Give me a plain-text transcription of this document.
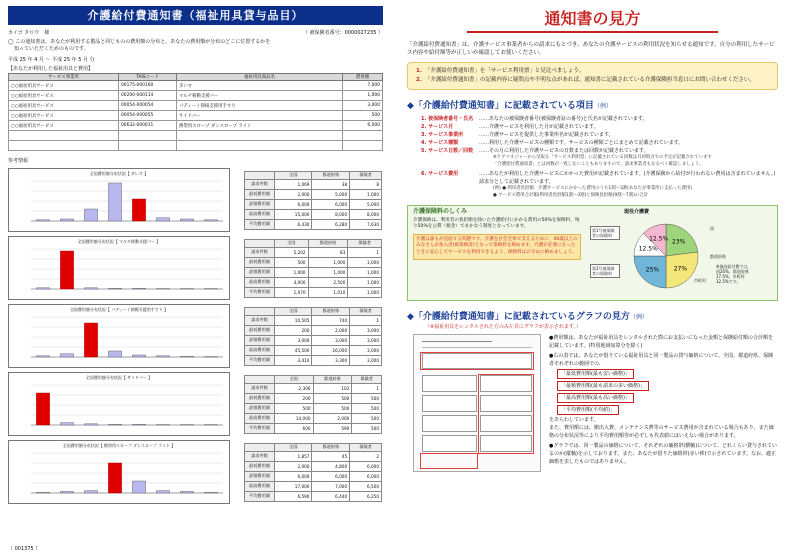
介護給付費通知書（福祉用具貸与品目）
カイゴ タロウ　様	（ 被保険者番号：0000027235 ）
◯ この通知書は、あなたが利用する製品と同じものの費用額の分布と、あなたの費用額が分布のどこに位置するかを
知っていただくためのものです。
平成 25 年 4 月 ～ 平成 25 年 5 月 分
【あなたが利用した福祉用具と費用】
サービス事業所	TAISコード	福祉用具商品名	費用額
○○福祉用具サービス	00175-000160	歩いす	7,000
○○福祉用具サービス	00200-000114	マルチ移動支援バー	1,000
○○福祉用具サービス	00054-000054	パディー / 抑揚支援用手すり	3,000
○○福祉用具サービス	00054-000055	サイドバー	500
○○福祉用具サービス	00632-000011	携帯用スロープ ダンスロープ ライト	6,000

参考情報
全国費用額分布状況【 歩いす 】
		全国	都道府県	保険者
請求件数	1,069	38	8
最低費用額	2,000	5,000	1,000
最頻費用額	6,000	6,000	5,000
最高費用額	15,000	8,000	8,000
平均費用額	6,430	6,280	7,630
全国費用額分布状況【 マルチ移動支援バー 】
		全国	都道府県	保険者
請求件数	5,202	83	1
最低費用額	500	1,000	1,000
最頻費用額	1,000	1,000	1,000
最高費用額	4,000	2,500	1,000
平均費用額	1,070	1,010	1,000
全国費用額分布状況【 パディー / 抑揚支援用手すり 】
		全国	都道府県	保険者
請求件数	10,505	740	1
最低費用額	200	2,000	3,000
最頻費用額	3,000	3,000	3,000
最高費用額	45,500	16,000	3,000
平均費用額	3,410	3,300	3,000
全国費用額分布状況【 サイドバー 】
		全国	都道府県	保険者
請求件数	2,306	102	1
最低費用額	200	500	500
最頻費用額	500	500	500
最高費用額	14,000	2,000	500
平均費用額	600	590	500
全国費用額分布状況【 携帯用スロープ ダンスロープ ライト 】
		全国	都道府県	保険者
請求件数	1,857	45	2
最低費用額	2,000	4,800	6,000
最頻費用額	6,000	6,000	6,000
最高費用額	17,000	7,000	6,500
平均費用額	6,590	6,440	6,250
（ 001375 ）
通知書の見方
「介護給付費通知書」は、介護サービス事業者からの請求にもとづき、あなたの介護サービスの利用状況を知らせる通知です。自分の利用したサービス内容や給付額等が正しいか確認してお使いください。
1. 「介護給付費通知書」を「サービス利用票」と見比べましょう。
2. 「介護給付費通知書」の記載内容に疑問点や不明な点があれば、通知書に記載されている介護保険担当窓口にお問い合わせください。
◆「介護給付費通知書」に記載されている項目（例）
1. 被保険者番号・氏名	……あなたの被保険者番号(被保険者証の番号)と氏名が記載されています。
2. サービス月	……介護サービスを利用した月が記載されています。
3. サービス事業所	……介護サービスを提供した事業所名が記載されています。
4. サービス種類	……利用した介護サービスの種類です。サービスの種類ごとにまとめて記載されています。
5. サービス日数／回数	……その月に利用した介護サービスの日数または回数が記載されています。
※ケアマネジャーから受取る「サービス利用票」に記載されている回数は月初時点での予定が記載されています
「介護給付費通知書」とは回数が一致しないこともありますので、請求事業者もなるべく確認しましょう。
6. サービス費用	……あなたが利用した介護サービスにかかった費用が記載されています。(介護保険から給付が行われない費用は含まれていません。)請求分として記載されています。
(例) ● 利用者負担額：介護サービスにかかった費用のうち1割〜3割(あなたが事業所に支払った費用)
● サービス費用合計額(利用者負担額1割〜3割)と保険負担額(9割〜7割)の合計
介護保険料のしくみ
介護保険は、利用者の負担額を除いた介護給付にかかる費用の50%を保険料、残り50%を公費（税金）でまかなう制度となっています。
介護は誰もが直面する問題です。介護を社会全体で支えるために、40歳以上のみなさんが加入者(被保険者)となって保険料を納めます。介護が必要になったときに安心してサービスを利用できるよう、保険料はお早めに納めましょう。
現役介護費
第1号被保険者の保険料
第2号被保険者の保険料
23%
27%
25%
12.5%
12.5%
国
都道府県
市町村
※施設給付費では、国20%、都道府県17.5%、市町村12.5%です。
◆「介護給付費通知書」に記載されているグラフの見方（例）
（※福祉用具をレンタルされた方のみ左頁にグラフが表示されます。）
●費用額は、あなたが福祉用具をレンタルされた際にお支払いになった金額と保険給付額の合計額を記載しています。(特別地域加算分を除く)
●右の表では、あなたが借りている福祉用具と同一製品の貸与価格について、全国、都道府県、保険者それぞれの範囲での、
「最低費用額(最も安い価格)」
「最頻費用額(最も請求の多い価格)」
「最高費用額(最も高い価格)」
「平均費用額(平均値)」
をあらわしています。
また、費用額には、搬出入費、メンテナンス費等のサービス費用が含まれている場合もあり、また価格の分布状況等により平均費用額等が必ずしも代表値にはいえない場合があります。
●グラフでは、同一製品の価格について、それぞれの価格帯(横軸)について、どれくらい貸与されているのか(縦軸)を示しております。また、あなたが借りた価格帯(赤い棒)で示されています。なお、適正価格を表したものではありません。
